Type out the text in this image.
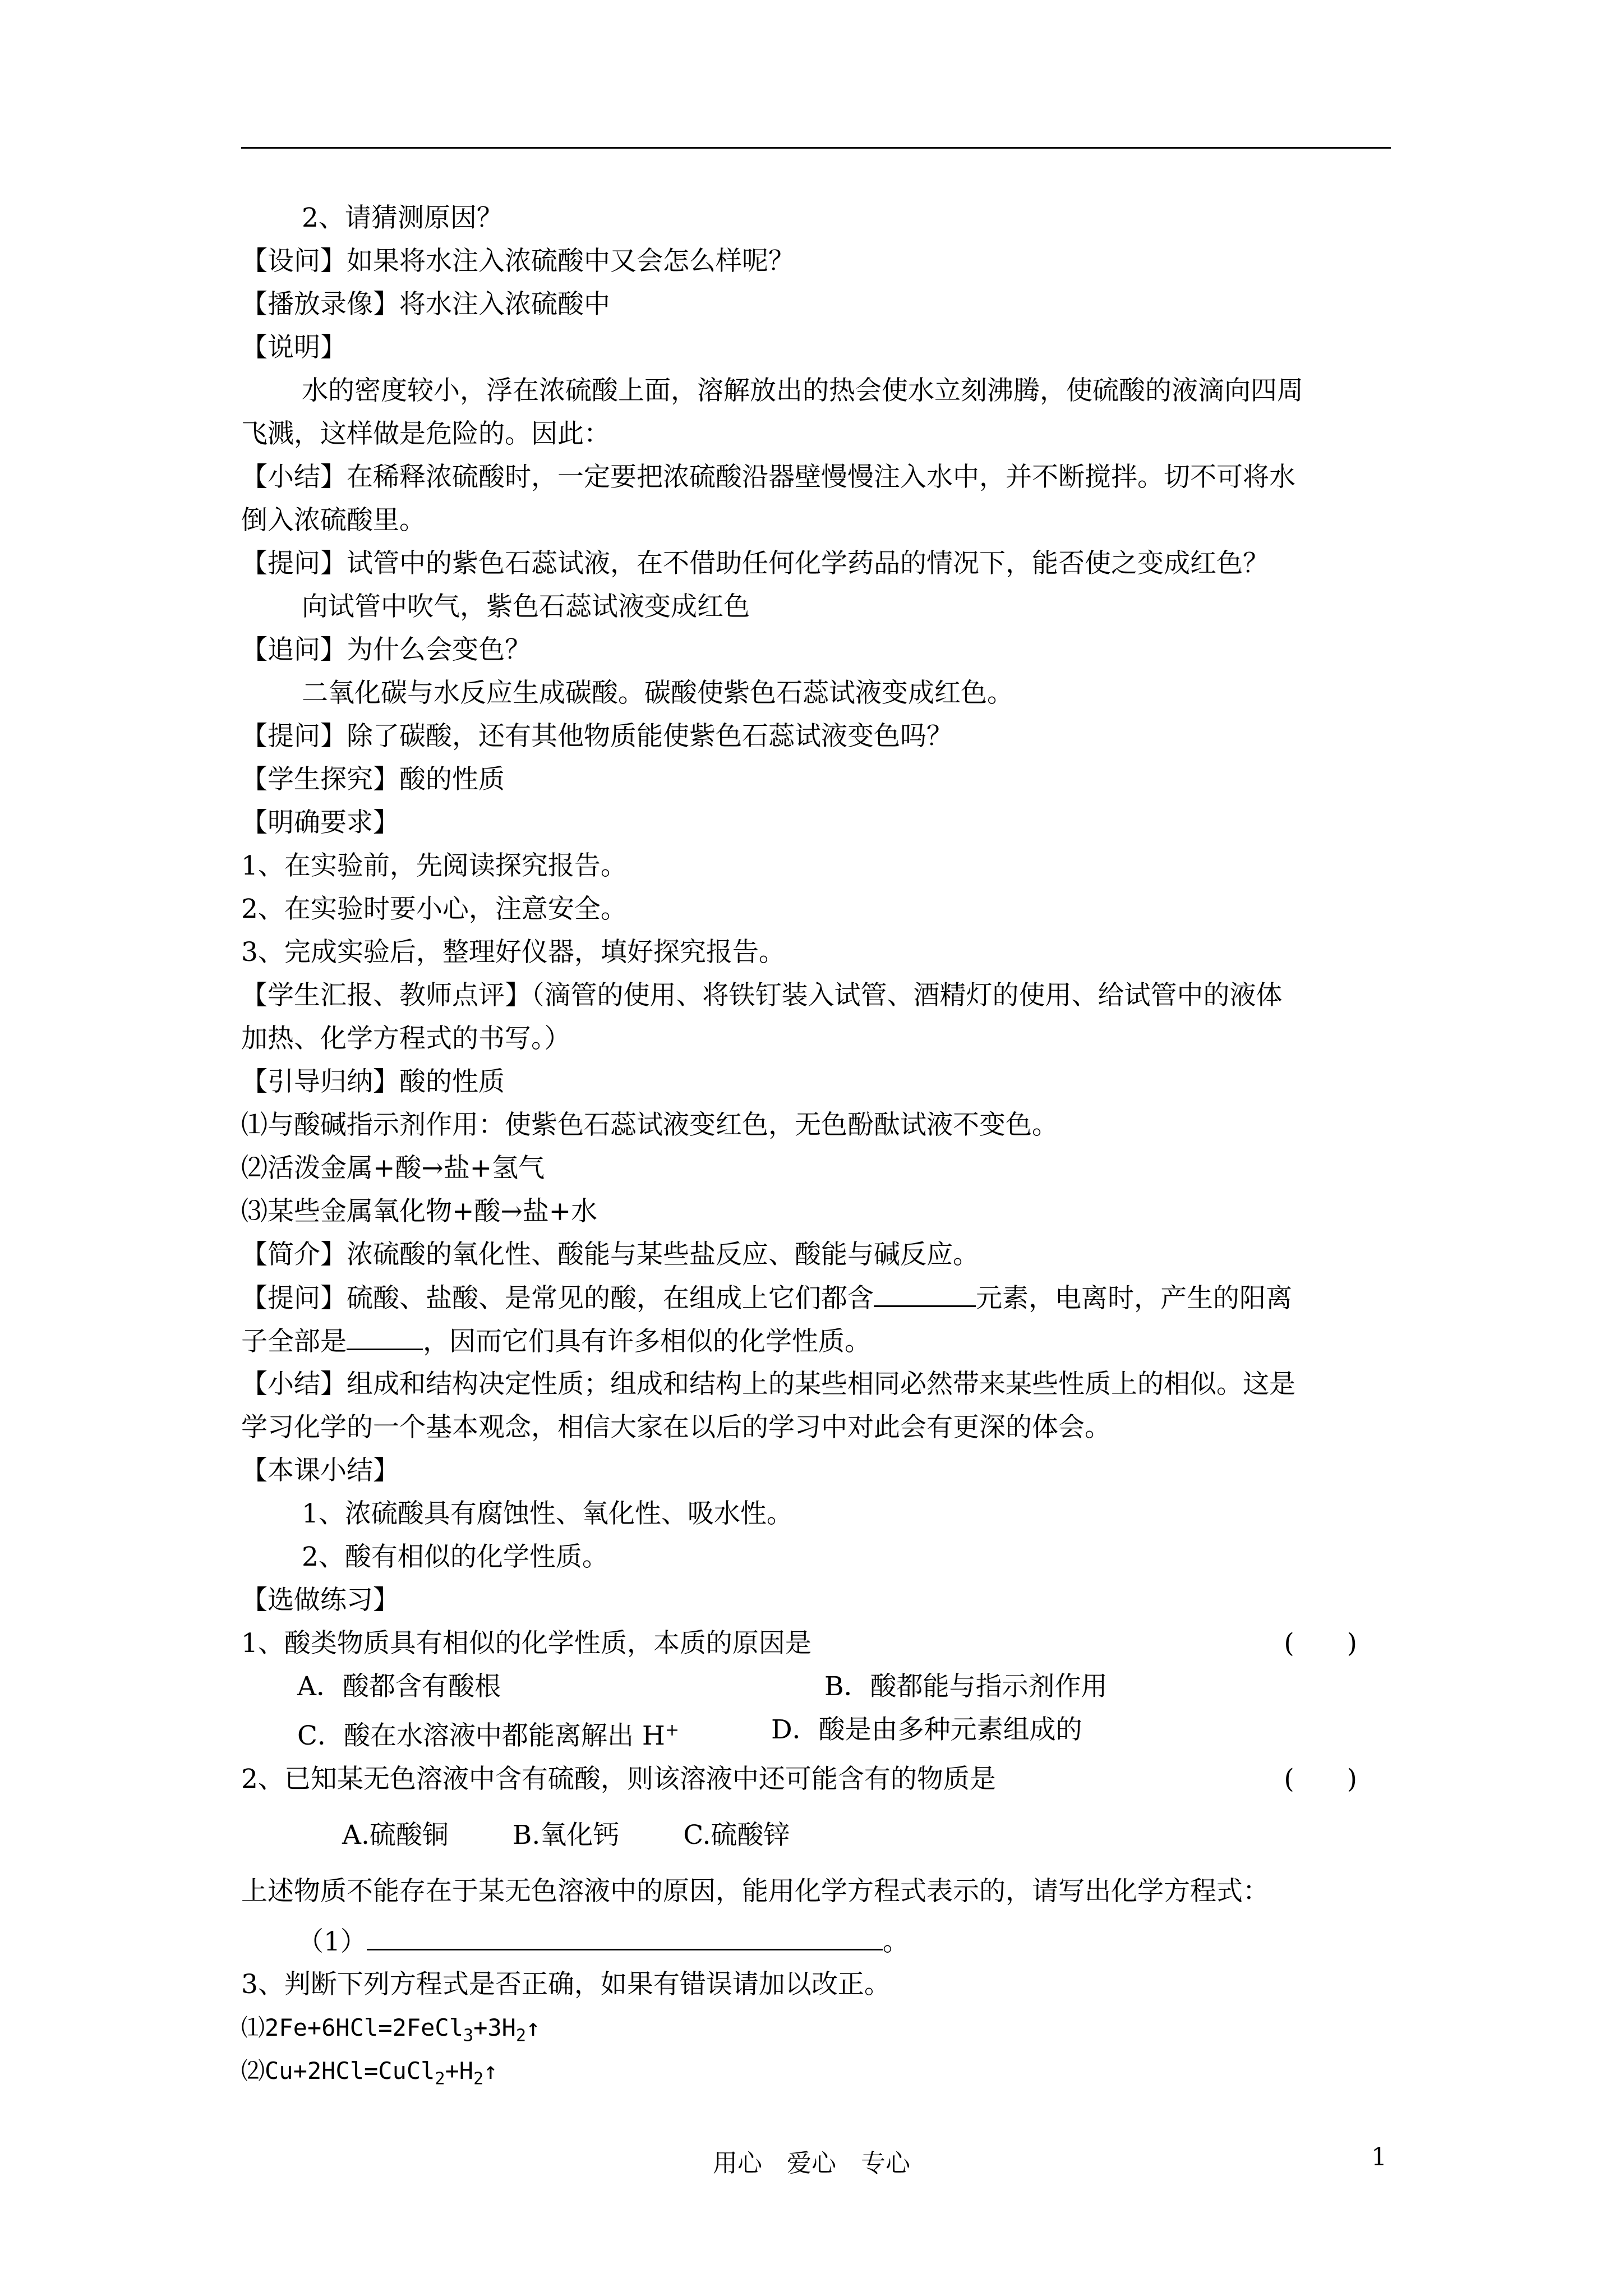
2、请猜测原因？
【设问】如果将水注入浓硫酸中又会怎么样呢？
【播放录像】将水注入浓硫酸中
【说明】
水的密度较小，浮在浓硫酸上面，溶解放出的热会使水立刻沸腾，使硫酸的液滴向四周
飞溅，这样做是危险的。因此：
【小结】在稀释浓硫酸时，一定要把浓硫酸沿器壁慢慢注入水中，并不断搅拌。切不可将水
倒入浓硫酸里。
【提问】试管中的紫色石蕊试液，在不借助任何化学药品的情况下，能否使之变成红色？
向试管中吹气，紫色石蕊试液变成红色
【追问】为什么会变色？
二氧化碳与水反应生成碳酸。碳酸使紫色石蕊试液变成红色。
【提问】除了碳酸，还有其他物质能使紫色石蕊试液变色吗？
【学生探究】酸的性质
【明确要求】
1、在实验前，先阅读探究报告。
2、在实验时要小心，注意安全。
3、完成实验后，整理好仪器，填好探究报告。
【学生汇报、教师点评】（滴管的使用、将铁钉装入试管、酒精灯的使用、给试管中的液体
加热、化学方程式的书写。）
【引导归纳】酸的性质
⑴与酸碱指示剂作用：使紫色石蕊试液变红色，无色酚酞试液不变色。
⑵活泼金属+酸→盐+氢气
⑶某些金属氧化物+酸→盐+水
【简介】浓硫酸的氧化性、酸能与某些盐反应、酸能与碱反应。
【提问】硫酸、盐酸、是常见的酸，在组成上它们都含	元素，电离时，产生的阳离
子全部是	，因而它们具有许多相似的化学性质。
【小结】组成和结构决定性质；组成和结构上的某些相同必然带来某些性质上的相似。这是
学习化学的一个基本观念，相信大家在以后的学习中对此会有更深的体会。
【本课小结】
1、浓硫酸具有腐蚀性、氧化性、吸水性。
2、酸有相似的化学性质。
【选做练习】
1、酸类物质具有相似的化学性质，本质的原因是	(　　)
A．酸都含有酸根	B．酸都能与指示剂作用
C．酸在水溶液中都能离解出 H+	D．酸是由多种元素组成的
2、已知某无色溶液中含有硫酸，则该溶液中还可能含有的物质是	(　　)
A.硫酸铜 B.氧化钙 C.硫酸锌
上述物质不能存在于某无色溶液中的原因，能用化学方程式表示的，请写出化学方程式：
（1）	。
3、判断下列方程式是否正确，如果有错误请加以改正。
$⑴2Fe+6HCl=2FeCl_3+3H_2↑$
$⑵Cu+2HCl=CuCl_2+H_2↑$
用心　爱心　专心	1
